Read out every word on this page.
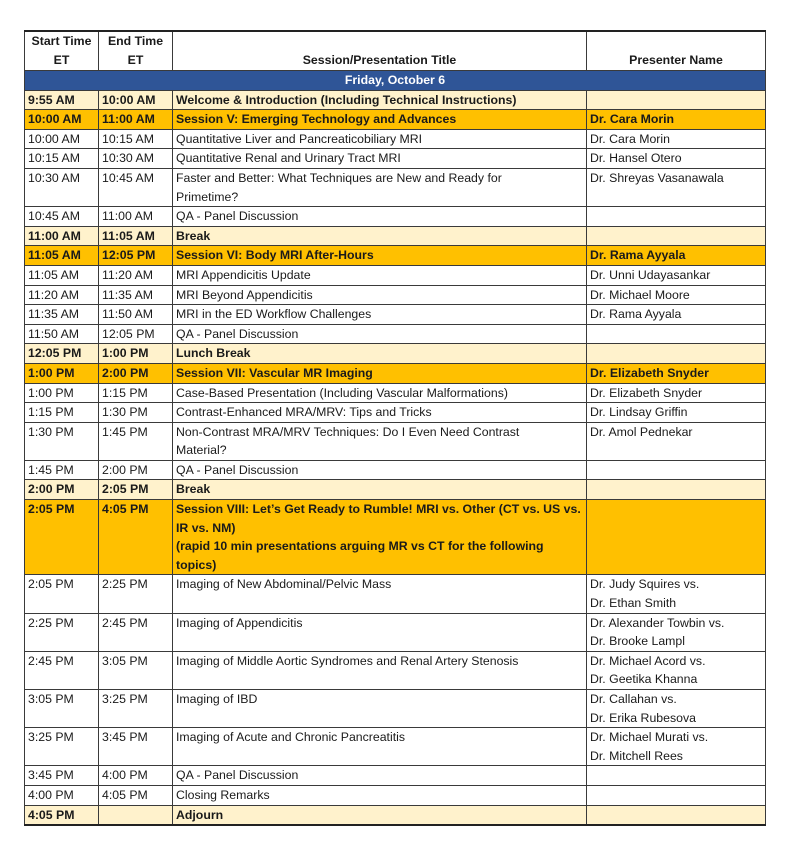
Start Time ET	End Time ET	Session/Presentation Title	Presenter Name
Friday, October 6			
9:55 AM	10:00 AM	Welcome & Introduction (Including Technical Instructions)	

10:00 AM	11:00 AM	Session V: Emerging Technology and Advances	Dr. Cara Morin

10:00 AM	10:15 AM	Quantitative Liver and Pancreaticobiliary MRI	Dr. Cara Morin

10:15 AM	10:30 AM	Quantitative Renal and Urinary Tract MRI	Dr. Hansel Otero

10:30 AM	10:45 AM	Faster and Better: What Techniques are New and Ready for
Primetime?	Dr. Shreyas Vasanawala

10:45 AM	11:00 AM	QA - Panel Discussion	

11:00 AM	11:05 AM	Break	

11:05 AM	12:05 PM	Session VI: Body MRI After-Hours	Dr. Rama Ayyala

11:05 AM	11:20 AM	MRI Appendicitis Update	Dr. Unni Udayasankar

11:20 AM	11:35 AM	MRI Beyond Appendicitis	Dr. Michael Moore

11:35 AM	11:50 AM	MRI in the ED Workflow Challenges	Dr. Rama Ayyala

11:50 AM	12:05 PM	QA - Panel Discussion	

12:05 PM	1:00 PM	Lunch Break	

1:00 PM	2:00 PM	Session VII: Vascular MR Imaging	Dr. Elizabeth Snyder

1:00 PM	1:15 PM	Case-Based Presentation (Including Vascular Malformations)	Dr. Elizabeth Snyder

1:15 PM	1:30 PM	Contrast-Enhanced MRA/MRV: Tips and Tricks	Dr. Lindsay Griffin

1:30 PM	1:45 PM	Non-Contrast MRA/MRV Techniques: Do I Even Need Contrast
Material?	Dr. Amol Pednekar

1:45 PM	2:00 PM	QA - Panel Discussion	

2:00 PM	2:05 PM	Break	

2:05 PM	4:05 PM	Session VIII: Let’s Get Ready to Rumble! MRI vs. Other (CT vs. US vs.
IR vs. NM)
(rapid 10 min presentations arguing MR vs CT for the following
topics)	

2:05 PM	2:25 PM	Imaging of New Abdominal/Pelvic Mass	Dr. Judy Squires vs.
Dr. Ethan Smith

2:25 PM	2:45 PM	Imaging of Appendicitis	Dr. Alexander Towbin vs.
Dr. Brooke Lampl

2:45 PM	3:05 PM	Imaging of Middle Aortic Syndromes and Renal Artery Stenosis	Dr. Michael Acord vs.
Dr. Geetika Khanna

3:05 PM	3:25 PM	Imaging of IBD	Dr. Callahan vs.
Dr. Erika Rubesova

3:25 PM	3:45 PM	Imaging of Acute and Chronic Pancreatitis	Dr. Michael Murati vs.
Dr. Mitchell Rees

3:45 PM	4:00 PM	QA - Panel Discussion	

4:00 PM	4:05 PM	Closing Remarks	

4:05 PM		Adjourn	
